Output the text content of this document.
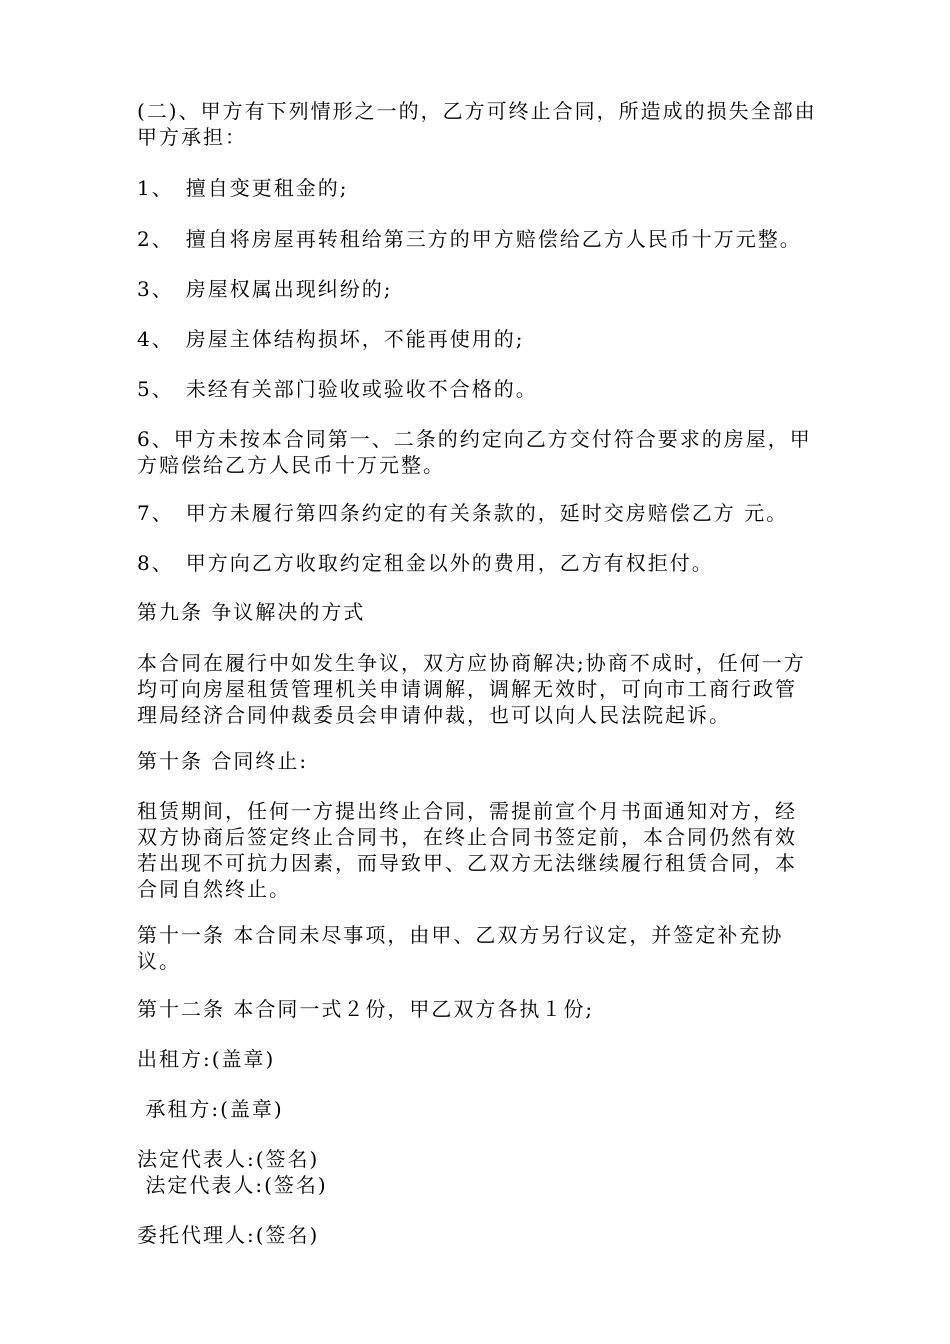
(二)、甲方有下列情形之一的，乙方可终止合同，所造成的损失全部由甲方承担：

1、　擅自变更租金的;

2、　擅自将房屋再转租给第三方的甲方赔偿给乙方人民币十万元整。

3、　房屋权属出现纠纷的;

4、　房屋主体结构损坏，不能再使用的;

5、　未经有关部门验收或验收不合格的。

6、甲方未按本合同第一、二条的约定向乙方交付符合要求的房屋，甲方赔偿给乙方人民币十万元整。

7、　甲方未履行第四条约定的有关条款的，延时交房赔偿乙方 元。

8、　甲方向乙方收取约定租金以外的费用，乙方有权拒付。

第九条 争议解决的方式

本合同在履行中如发生争议，双方应协商解决;协商不成时，任何一方均可向房屋租赁管理机关申请调解，调解无效时，可向市工商行政管理局经济合同仲裁委员会申请仲裁，也可以向人民法院起诉。

第十条 合同终止:

租赁期间，任何一方提出终止合同，需提前宣个月书面通知对方，经双方协商后签定终止合同书，在终止合同书签定前，本合同仍然有效若出现不可抗力因素，而导致甲、乙双方无法继续履行租赁合同，本合同自然终止。

第十一条 本合同未尽事项，由甲、乙双方另行议定，并签定补充协议。

第十二条 本合同一式２份，甲乙双方各执１份;

出租方:(盖章)

承租方:(盖章)

法定代表人:(签名)

法定代表人:(签名)

委托代理人:(签名)
